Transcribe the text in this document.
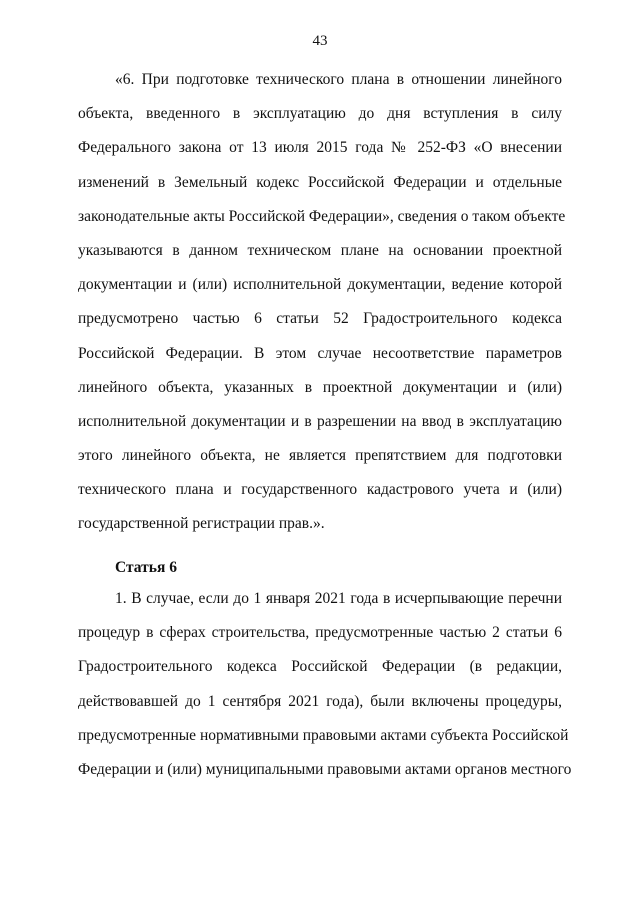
43
«6. При подготовке технического плана в отношении линейного
объекта, введенного в эксплуатацию до дня вступления в силу
Федерального закона от 13 июля 2015 года № 252-ФЗ «О внесении
изменений в Земельный кодекс Российской Федерации и отдельные
законодательные акты Российской Федерации», сведения о таком объекте
указываются в данном техническом плане на основании проектной
документации и (или) исполнительной документации, ведение которой
предусмотрено частью 6 статьи 52 Градостроительного кодекса
Российской Федерации. В этом случае несоответствие параметров
линейного объекта, указанных в проектной документации и (или)
исполнительной документации и в разрешении на ввод в эксплуатацию
этого линейного объекта, не является препятствием для подготовки
технического плана и государственного кадастрового учета и (или)
государственной регистрации прав.».
Статья 6
1. В случае, если до 1 января 2021 года в исчерпывающие перечни
процедур в сферах строительства, предусмотренные частью 2 статьи 6
Градостроительного кодекса Российской Федерации (в редакции,
действовавшей до 1 сентября 2021 года), были включены процедуры,
предусмотренные нормативными правовыми актами субъекта Российской
Федерации и (или) муниципальными правовыми актами органов местного
